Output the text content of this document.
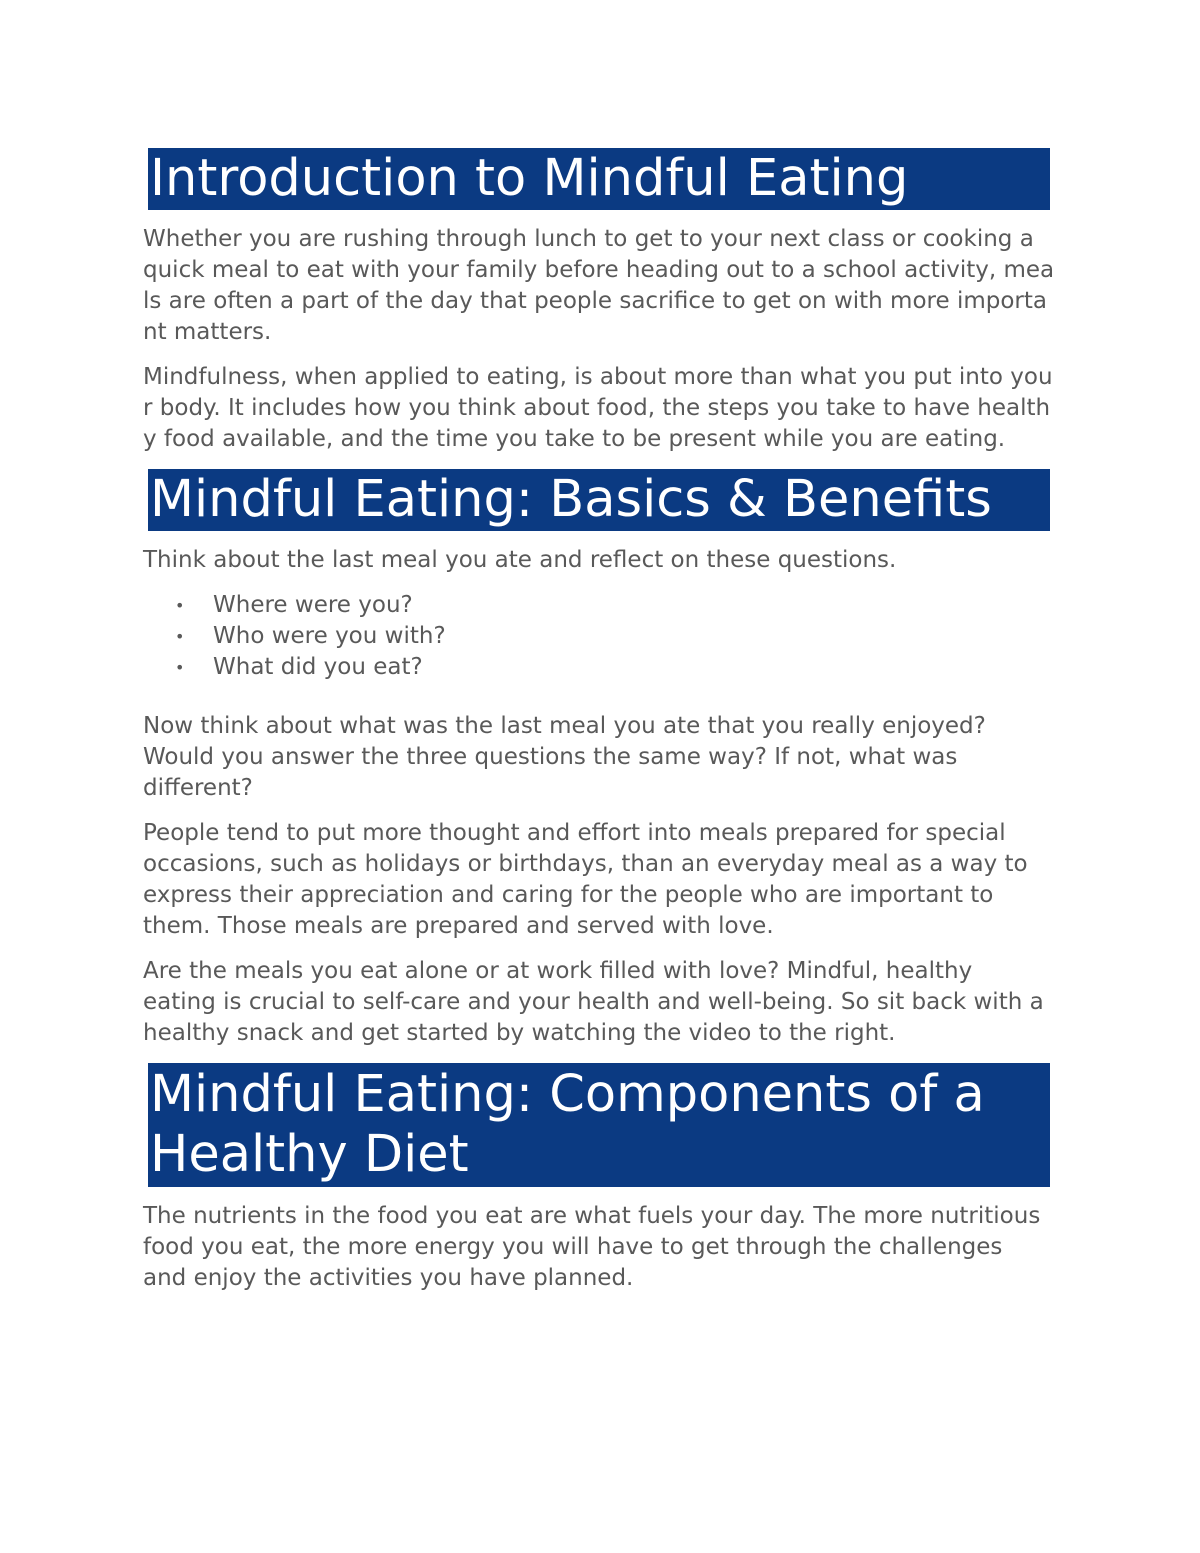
Introduction to Mindful Eating

Whether you are rushing through lunch to get to your next class or cooking a quick meal to eat with your family before heading out to a school activity, meals are often a part of the day that people sacrifice to get on with more important matters.

Mindfulness, when applied to eating, is about more than what you put into your body. It includes how you think about food, the steps you take to have healthy food available, and the time you take to be present while you are eating.

Mindful Eating: Basics & Benefits

Think about the last meal you ate and reflect on these questions.

• Where were you?
• Who were you with?
• What did you eat?

Now think about what was the last meal you ate that you really enjoyed? Would you answer the three questions the same way? If not, what was different?

People tend to put more thought and effort into meals prepared for special occasions, such as holidays or birthdays, than an everyday meal as a way to express their appreciation and caring for the people who are important to them. Those meals are prepared and served with love.

Are the meals you eat alone or at work filled with love? Mindful, healthy eating is crucial to self-care and your health and well-being. So sit back with a healthy snack and get started by watching the video to the right.

Mindful Eating: Components of a Healthy Diet

The nutrients in the food you eat are what fuels your day. The more nutritious food you eat, the more energy you will have to get through the challenges and enjoy the activities you have planned.
